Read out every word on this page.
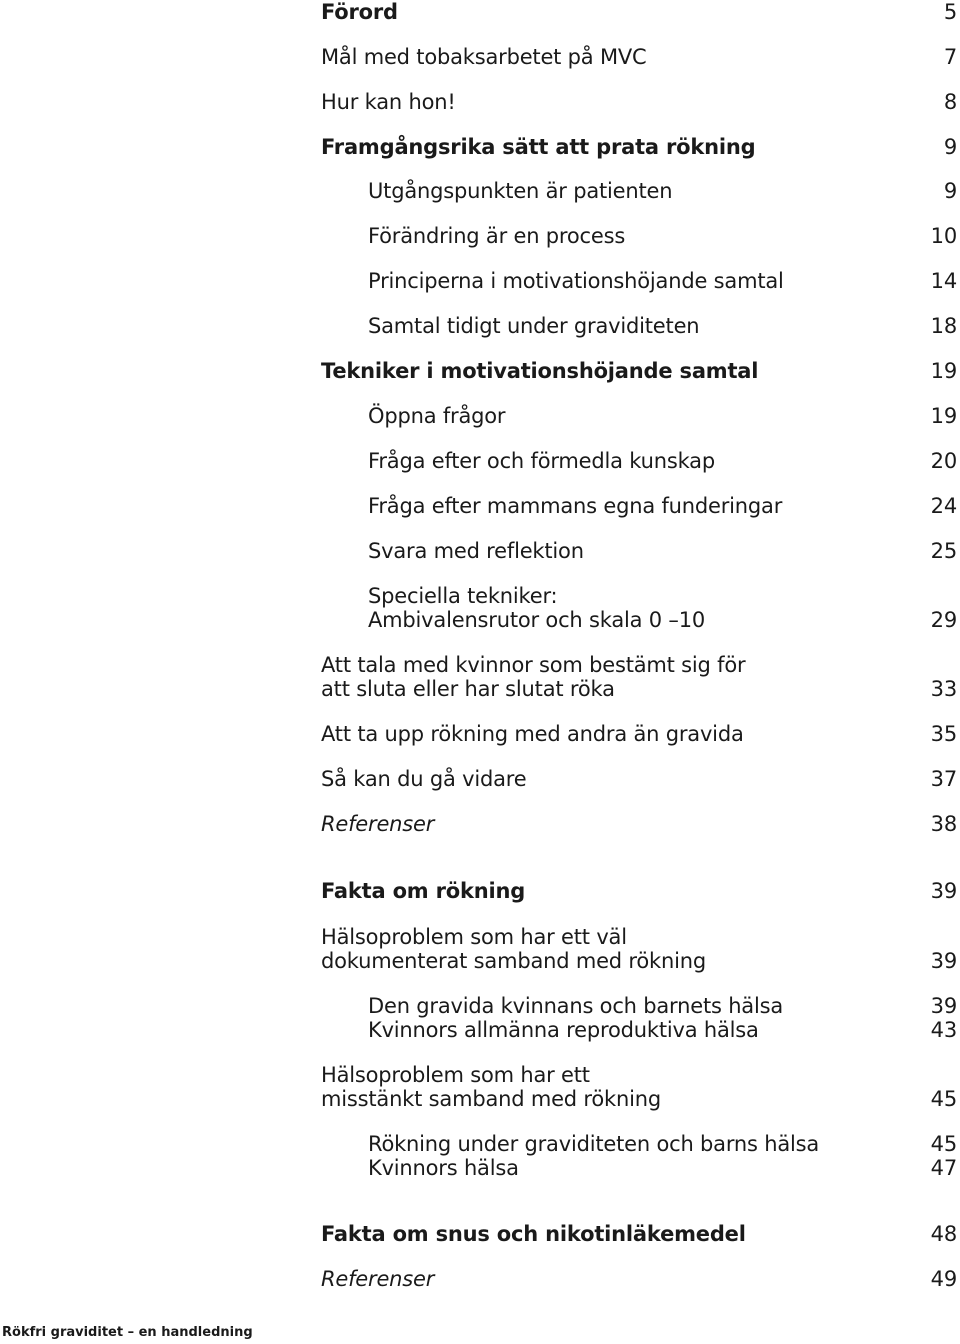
Förord	5
Mål med tobaksarbetet på MVC	7
Hur kan hon!	8
Framgångsrika sätt att prata rökning	9
Utgångspunkten är patienten	9
Förändring är en process	10
Principerna i motivationshöjande samtal	14
Samtal tidigt under graviditeten	18
Tekniker i motivationshöjande samtal	19
Öppna frågor	19
Fråga efter och förmedla kunskap	20
Fråga efter mammans egna funderingar	24
Svara med reflektion	25
Speciella tekniker: Ambivalensrutor och skala 0 –10	29
Att tala med kvinnor som bestämt sig för att sluta eller har slutat röka	33
Att ta upp rökning med andra än gravida	35
Så kan du gå vidare	37
Referenser	38
Fakta om rökning	39
Hälsoproblem som har ett väl dokumenterat samband med rökning	39
Den gravida kvinnans och barnets hälsa	39
Kvinnors allmänna reproduktiva hälsa	43
Hälsoproblem som har ett misstänkt samband med rökning	45
Rökning under graviditeten och barns hälsa	45
Kvinnors hälsa	47
Fakta om snus och nikotinläkemedel	48
Referenser	49
Rökfri graviditet – en handledning
